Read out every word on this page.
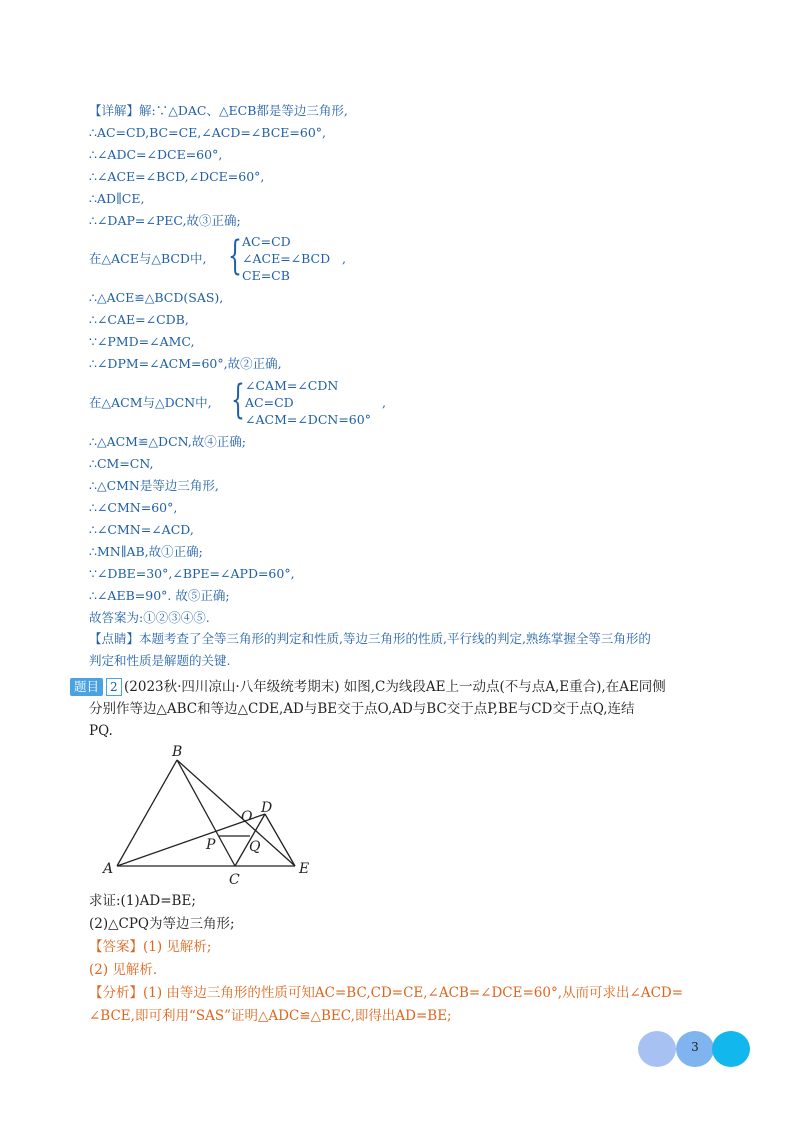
【详解】解:∵△DAC、△ECB都是等边三角形,
∴AC=CD,BC=CE,∠ACD=∠BCE=60°,
∴∠ADC=∠DCE=60°,
∴∠ACE=∠BCD,∠DCE=60°,
∴AD∥CE,
∴∠DAP=∠PEC,故③正确;
在△ACE与△BCD中, { AC=CD
∠ACE=∠BCD
CE=CB
,
∴△ACE≌△BCD(SAS),
∴∠CAE=∠CDB,
∵∠PMD=∠AMC,
∴∠DPM=∠ACM=60°,故②正确,
在△ACM与△DCN中, { ∠CAM=∠CDN
AC=CD
∠ACM=∠DCN=60°
,
∴△ACM≌△DCN,故④正确;
∴CM=CN,
∴△CMN是等边三角形,
∴∠CMN=60°,
∴∠CMN=∠ACD,
∴MN∥AB,故①正确;
∵∠DBE=30°,∠BPE=∠APD=60°,
∴∠AEB=90°. 故⑤正确;
故答案为:①②③④⑤.
【点睛】本题考查了全等三角形的判定和性质,等边三角形的性质,平行线的判定,熟练掌握全等三角形的
判定和性质是解题的关键.
题目 2 (2023秋·四川凉山·八年级统考期末) 如图,C为线段AE上一动点(不与点A,E重合),在AE同侧
分别作等边△ABC和等边△CDE,AD与BE交于点O,AD与BC交于点P,BE与CD交于点Q,连结
PQ.
B
A
C
E
D
O
P Q
求证:(1)AD=BE;
(2)△CPQ为等边三角形;
【答案】(1) 见解析;
(2) 见解析.
【分析】(1) 由等边三角形的性质可知AC=BC,CD=CE,∠ACB=∠DCE=60°,从而可求出∠ACD=
∠BCE,即可利用“SAS”证明△ADC≌△BEC,即得出AD=BE;
3
